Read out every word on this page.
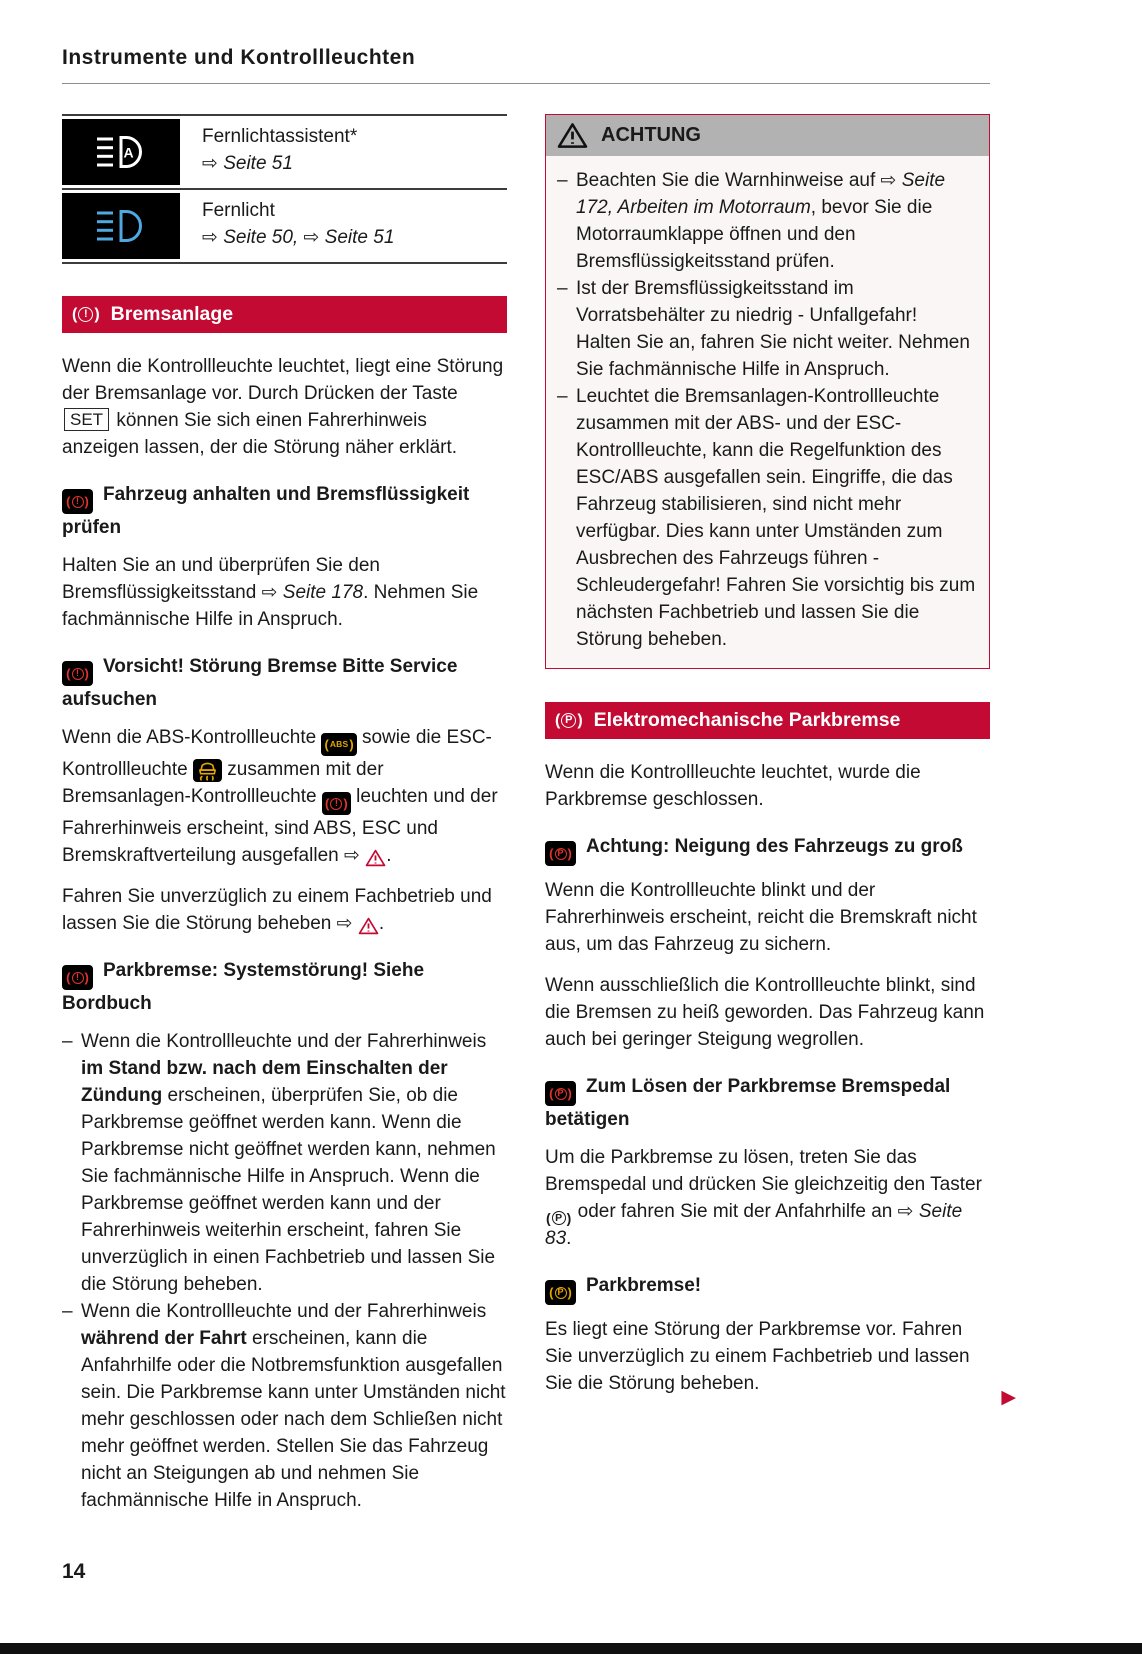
Instrumente und Kontrollleuchten
A
Fernlichtassistent*
⇨ Seite 51
Fernlicht
⇨ Seite 50, ⇨ Seite 51
( ! ) Bremsanlage

Wenn die Kontrollleuchte leuchtet, liegt eine Störung der Bremsanlage vor. Durch Drücken der Taste SET können Sie sich einen Fahrerhinweis anzeigen lassen, der die Störung näher erklärt.

( ! ) Fahrzeug anhalten und Bremsflüssigkeit prüfen

Halten Sie an und überprüfen Sie den Bremsflüssigkeitsstand ⇨ Seite 178. Nehmen Sie fachmännische Hilfe in Anspruch.

( ! ) Vorsicht! Störung Bremse Bitte Service aufsuchen

Wenn die ABS-Kontrollleuchte ( ABS ) sowie die ESC-Kontrollleuchte
zusammen mit der Bremsanlagen-Kontrollleuchte ( ! ) leuchten und der Fahrerhinweis erscheint, sind ABS, ESC und Bremskraftverteilung ausgefallen ⇨
.

Fahren Sie unverzüglich zu einem Fachbetrieb und lassen Sie die Störung beheben ⇨
.

( ! ) Parkbremse: Systemstörung! Siehe Bordbuch
– Wenn die Kontrollleuchte und der Fahrerhinweis im Stand bzw. nach dem Einschalten der Zündung erscheinen, überprüfen Sie, ob die Parkbremse geöffnet werden kann. Wenn die Parkbremse nicht geöffnet werden kann, nehmen Sie fachmännische Hilfe in Anspruch. Wenn die Parkbremse geöffnet werden kann und der Fahrerhinweis weiterhin erscheint, fahren Sie unverzüglich in einen Fachbetrieb und lassen Sie die Störung beheben.
– Wenn die Kontrollleuchte und der Fahrerhinweis während der Fahrt erscheinen, kann die Anfahrhilfe oder die Notbremsfunktion ausgefallen sein. Die Parkbremse kann unter Umständen nicht mehr geschlossen oder nach dem Schließen nicht mehr geöffnet werden. Stellen Sie das Fahrzeug nicht an Steigungen ab und nehmen Sie fachmännische Hilfe in Anspruch.
ACHTUNG
– Beachten Sie die Warnhinweise auf ⇨ Seite 172, Arbeiten im Motorraum, bevor Sie die Motorraumklappe öffnen und den Bremsflüssigkeitsstand prüfen.
– Ist der Bremsflüssigkeitsstand im Vorratsbehälter zu niedrig - Unfallgefahr! Halten Sie an, fahren Sie nicht weiter. Nehmen Sie fachmännische Hilfe in Anspruch.
– Leuchtet die Bremsanlagen-Kontrollleuchte zusammen mit der ABS- und der ESC-Kontrollleuchte, kann die Regelfunktion des ESC/ABS ausgefallen sein. Eingriffe, die das Fahrzeug stabilisieren, sind nicht mehr verfügbar. Dies kann unter Umständen zum Ausbrechen des Fahrzeugs führen - Schleudergefahr! Fahren Sie vorsichtig bis zum nächsten Fachbetrieb und lassen Sie die Störung beheben.
( P ) Elektromechanische Parkbremse

Wenn die Kontrollleuchte leuchtet, wurde die Parkbremse geschlossen.

( P ) Achtung: Neigung des Fahrzeugs zu groß

Wenn die Kontrollleuchte blinkt und der Fahrerhinweis erscheint, reicht die Bremskraft nicht aus, um das Fahrzeug zu sichern.

Wenn ausschließlich die Kontrollleuchte blinkt, sind die Bremsen zu heiß geworden. Das Fahrzeug kann auch bei geringer Steigung wegrollen.

( P ) Zum Lösen der Parkbremse Bremspedal betätigen

Um die Parkbremse zu lösen, treten Sie das Bremspedal und drücken Sie gleichzeitig den Taster
( P ) oder fahren Sie mit der Anfahrhilfe an ⇨ Seite 83.

( P ) Parkbremse!

Es liegt eine Störung der Parkbremse vor. Fahren Sie unverzüglich zu einem Fachbetrieb und lassen Sie die Störung beheben.

▶
14
